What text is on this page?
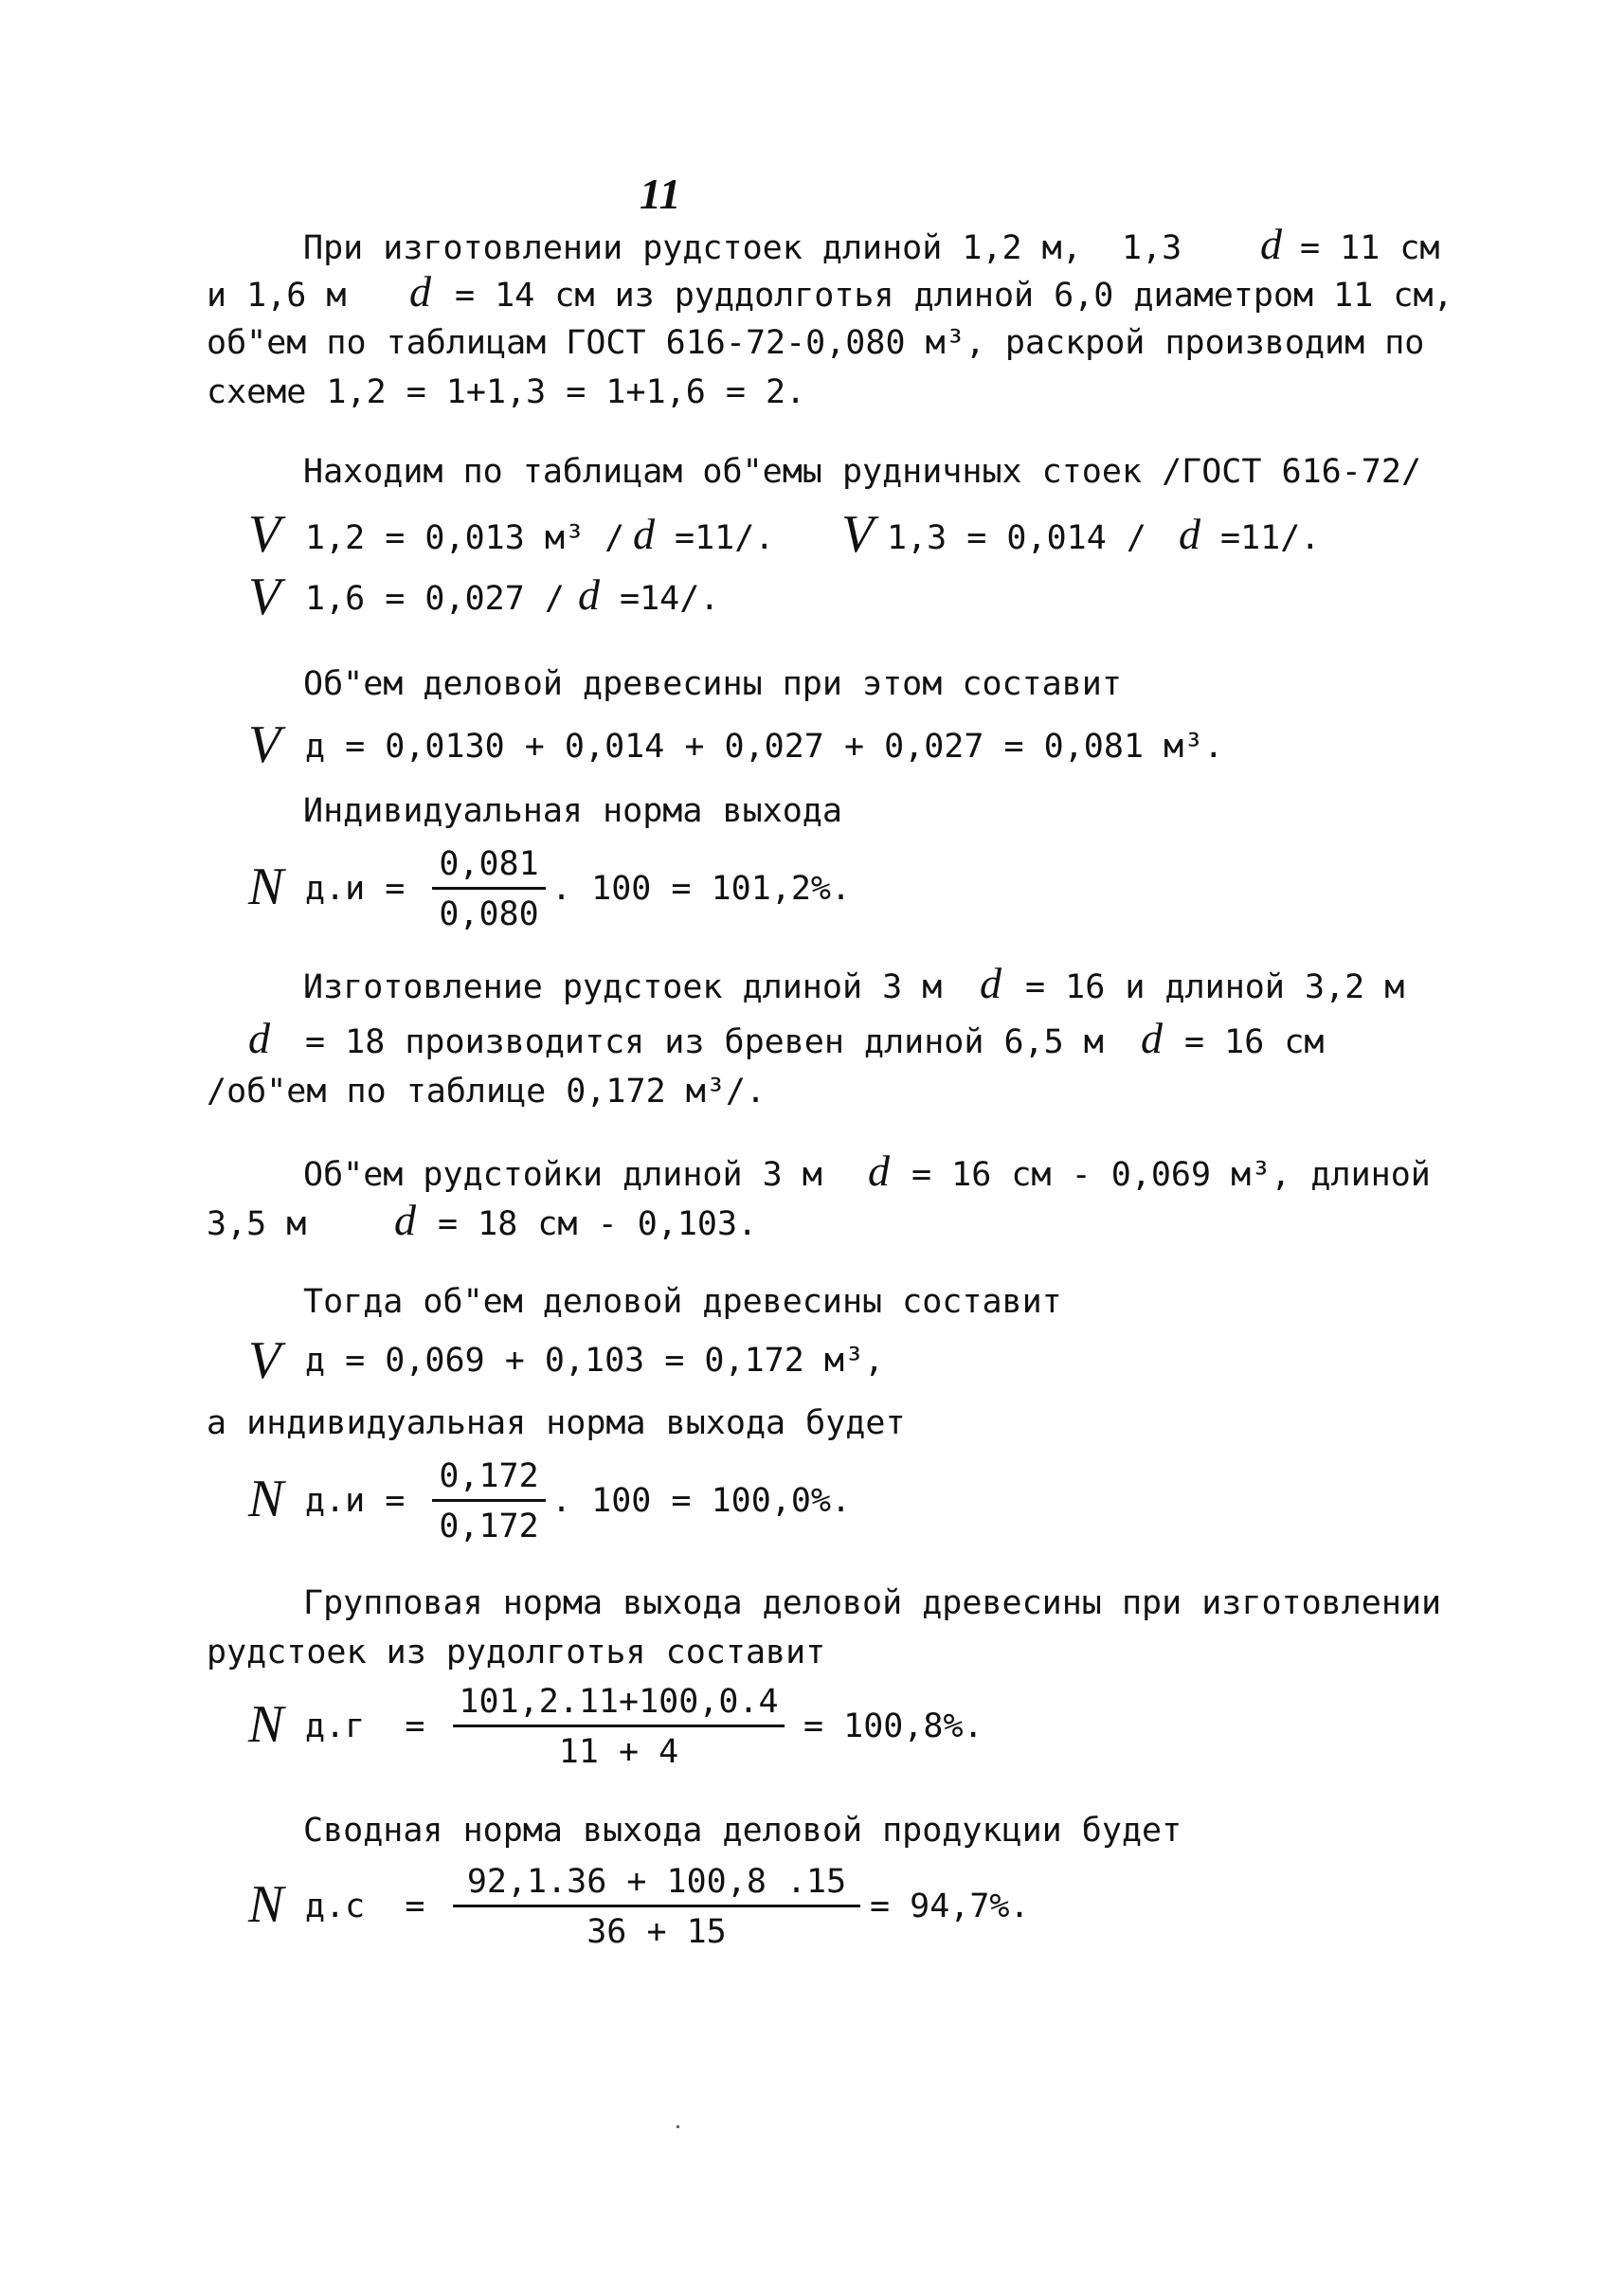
11
При изготовлении рудстоек длиной 1,2 м,  1,3 d = 11 см
и 1,6 м d = 14 см из руддолготья длиной 6,0 диаметром 11 см,
об"ем по таблицам ГОСТ 616-72-0,080 м³, раскрой производим по
схеме 1,2 = 1+1,3 = 1+1,6 = 2.
Находим по таблицам об"емы рудничных стоек /ГОСТ 616-72/
V 1,2 = 0,013 м³ / d =11/. V 1,3 = 0,014 / d =11/.
V 1,6 = 0,027 / d =14/.
Об"ем деловой древесины при этом составит
V д = 0,0130 + 0,014 + 0,027 + 0,027 = 0,081 м³.
Индивидуальная норма выхода
N $д.и = \frac{0,081}{0,080}$ . 100 = 101,2%.
Изготовление рудстоек длиной 3 м d = 16 и длиной 3,2 м
d = 18 производится из бревен длиной 6,5 м d = 16 см
/об"ем по таблице 0,172 м³/.
Об"ем рудстойки длиной 3 м d = 16 см - 0,069 м³, длиной
3,5 м d = 18 см - 0,103.
Тогда об"ем деловой древесины составит
V д = 0,069 + 0,103 = 0,172 м³,
а индивидуальная норма выхода будет
N $д.и = \frac{0,172}{0,172}$ . 100 = 100,0%.
Групповая норма выхода деловой древесины при изготовлении
рудстоек из рудолготья составит
N $д.г = \frac{101,2.11+100,0.4}{11 + 4} = 100,8\%$.
Сводная норма выхода деловой продукции будет
N $д.с = \frac{92,1.36 + 100,8 .15}{36 + 15} = 94,7\%$.
